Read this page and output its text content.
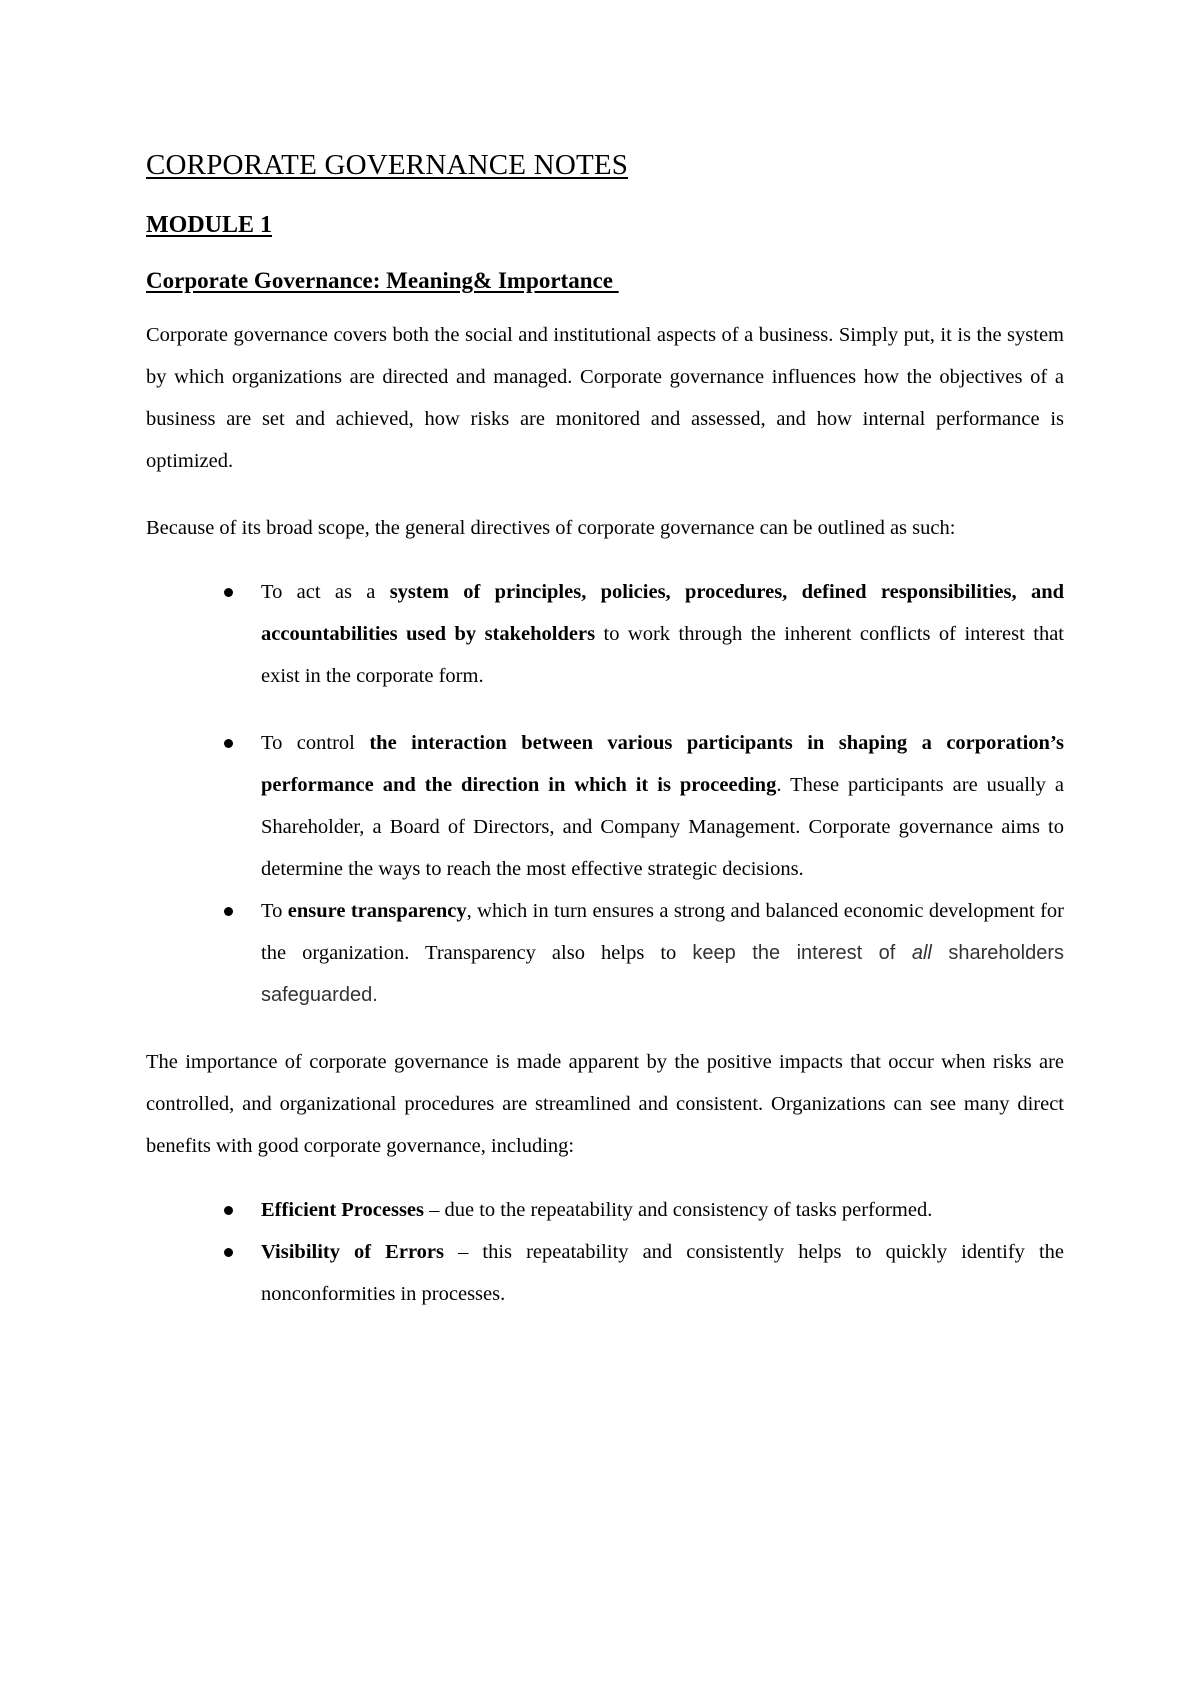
CORPORATE GOVERNANCE NOTES
MODULE 1
Corporate Governance: Meaning& Importance

Corporate governance covers both the social and institutional aspects of a business. Simply put, it is the system by which organizations are directed and managed. Corporate governance influences how the objectives of a business are set and achieved, how risks are monitored and assessed, and how internal performance is optimized.

Because of its broad scope, the general directives of corporate governance can be outlined as such:

To act as a system of principles, policies, procedures, defined responsibilities, and accountabilities used by stakeholders to work through the inherent conflicts of interest that exist in the corporate form.
To control the interaction between various participants in shaping a corporation’s performance and the direction in which it is proceeding. These participants are usually a Shareholder, a Board of Directors, and Company Management. Corporate governance aims to determine the ways to reach the most effective strategic decisions.
To ensure transparency, which in turn ensures a strong and balanced economic development for the organization. Transparency also helps to keep the interest of all shareholders safeguarded.

The importance of corporate governance is made apparent by the positive impacts that occur when risks are controlled, and organizational procedures are streamlined and consistent. Organizations can see many direct benefits with good corporate governance, including:

Efficient Processes – due to the repeatability and consistency of tasks performed.
Visibility of Errors – this repeatability and consistently helps to quickly identify the nonconformities in processes.
